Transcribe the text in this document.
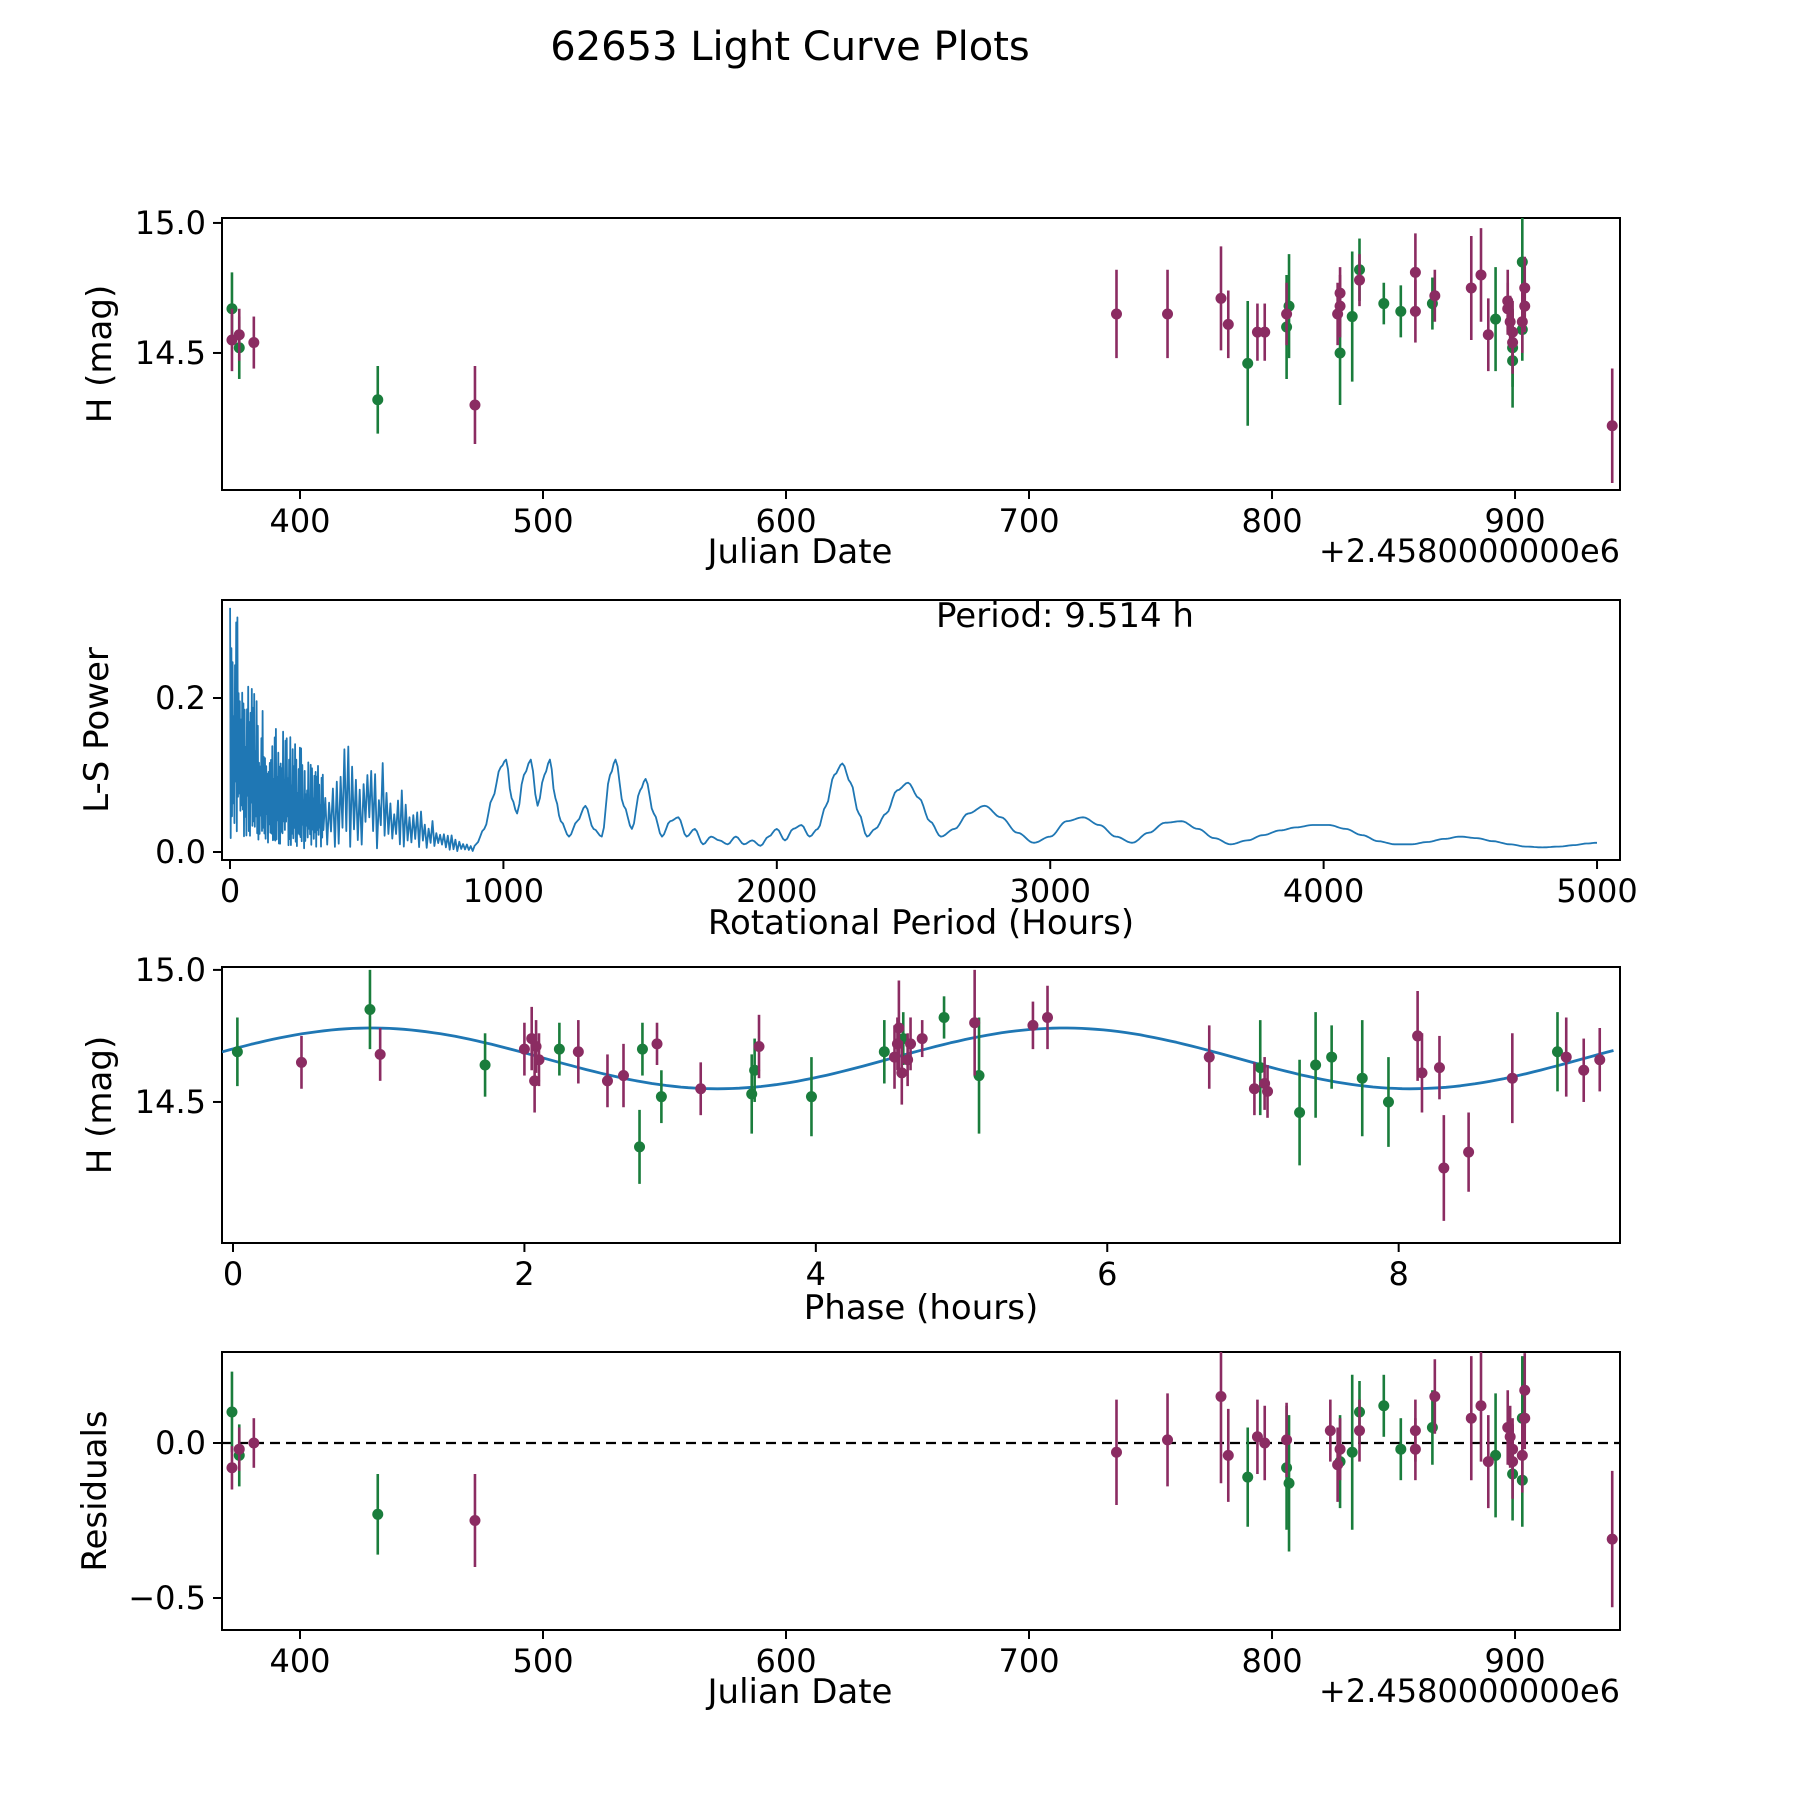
400	500	600	700	800	900
15.0
14.5
0	1000	2000	3000	4000	5000
0.0
0.2
0	2	4	6	8
15.0
14.5
400	500	600	700	800	900
0.0
−0.5
62653 Light Curve Plots
H (mag)
Julian Date	+2.4580000000e6
L-S Power
Period: 9.514 h
Rotational Period (Hours)
H (mag)
Phase (hours)
Residuals
Julian Date	+2.4580000000e6
